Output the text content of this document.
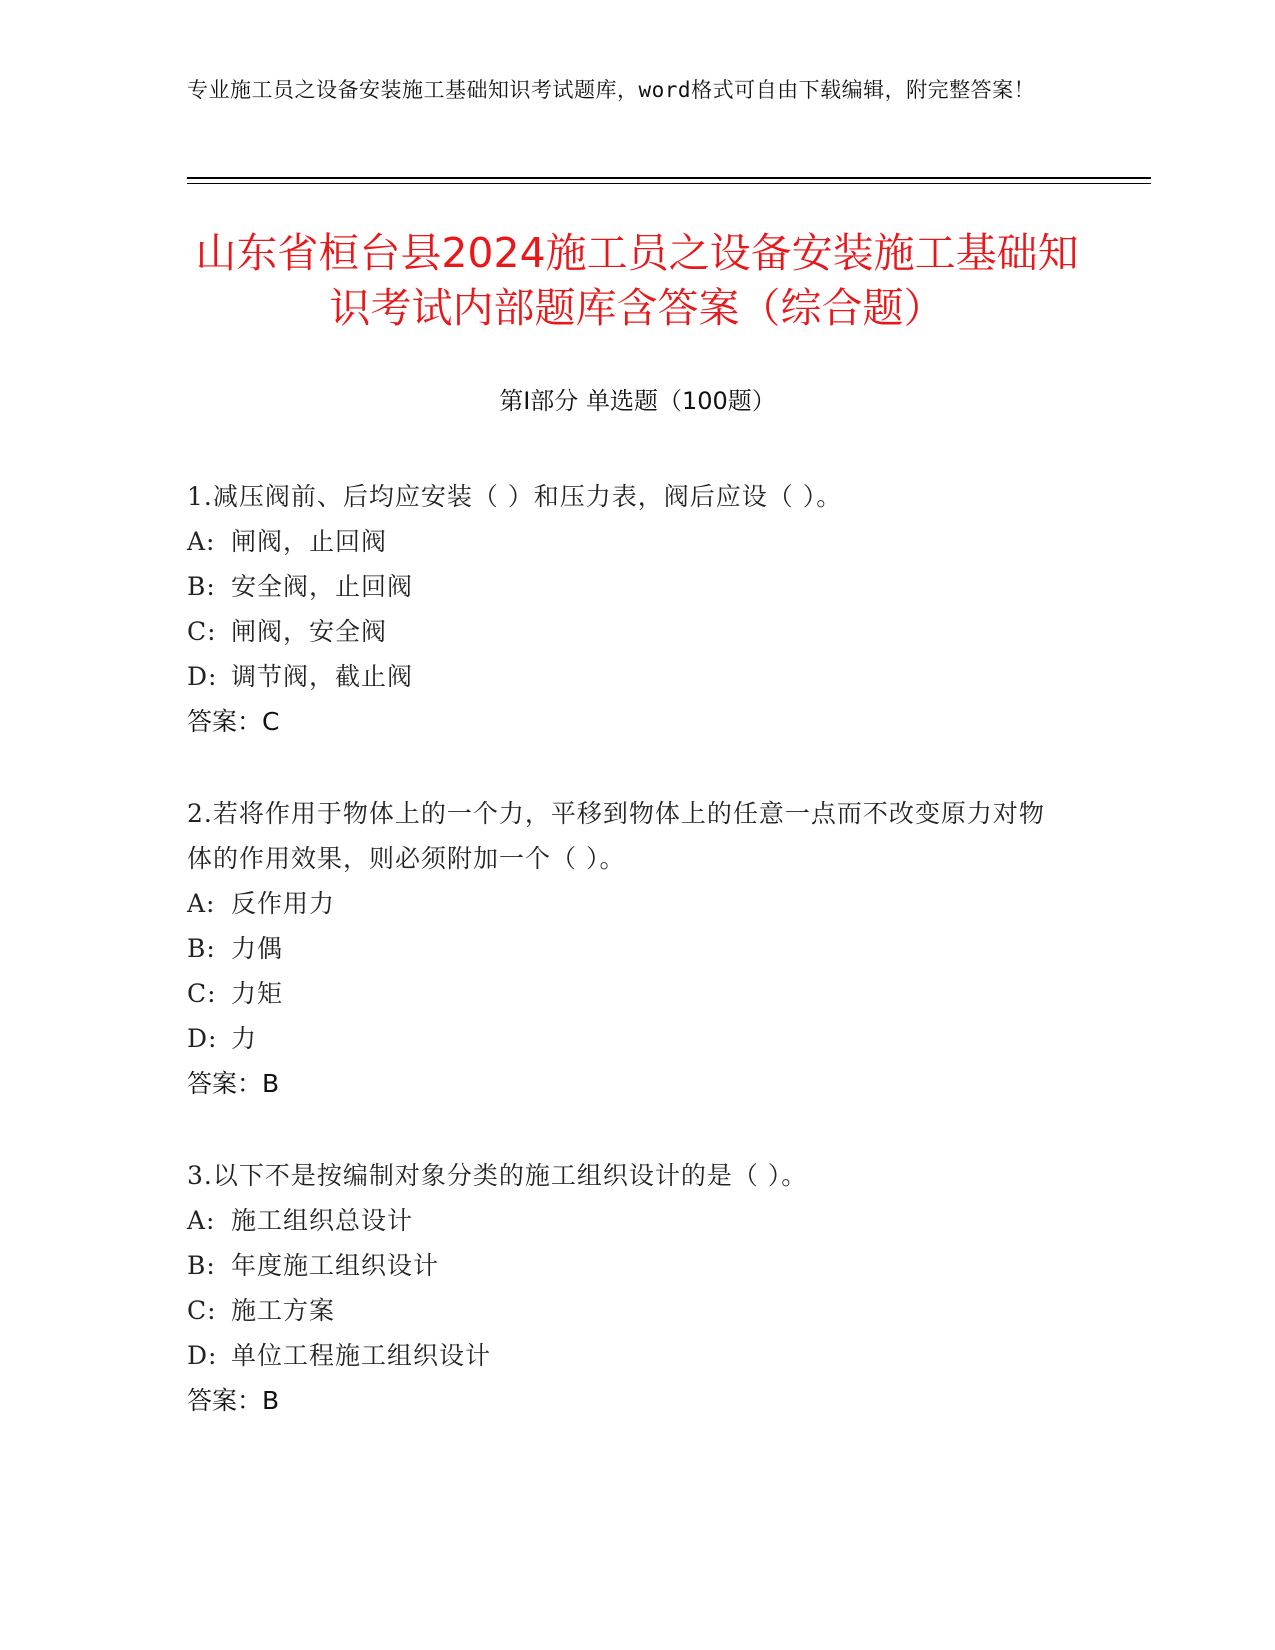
专业施工员之设备安装施工基础知识考试题库，word格式可自由下载编辑，附完整答案！
山东省桓台县2024施工员之设备安装施工基础知识考试内部题库含答案（综合题）
第I部分 单选题（100题）
1.减压阀前、后均应安装（ ）和压力表，阀后应设（ ）。
A: 闸阀，止回阀
B: 安全阀，止回阀
C: 闸阀，安全阀
D: 调节阀，截止阀
答案：C
2.若将作用于物体上的一个力，平移到物体上的任意一点而不改变原力对物体的作用效果，则必须附加一个（ ）。
A: 反作用力
B: 力偶
C: 力矩
D: 力
答案：B
3.以下不是按编制对象分类的施工组织设计的是（ ）。
A: 施工组织总设计
B: 年度施工组织设计
C: 施工方案
D: 单位工程施工组织设计
答案：B
